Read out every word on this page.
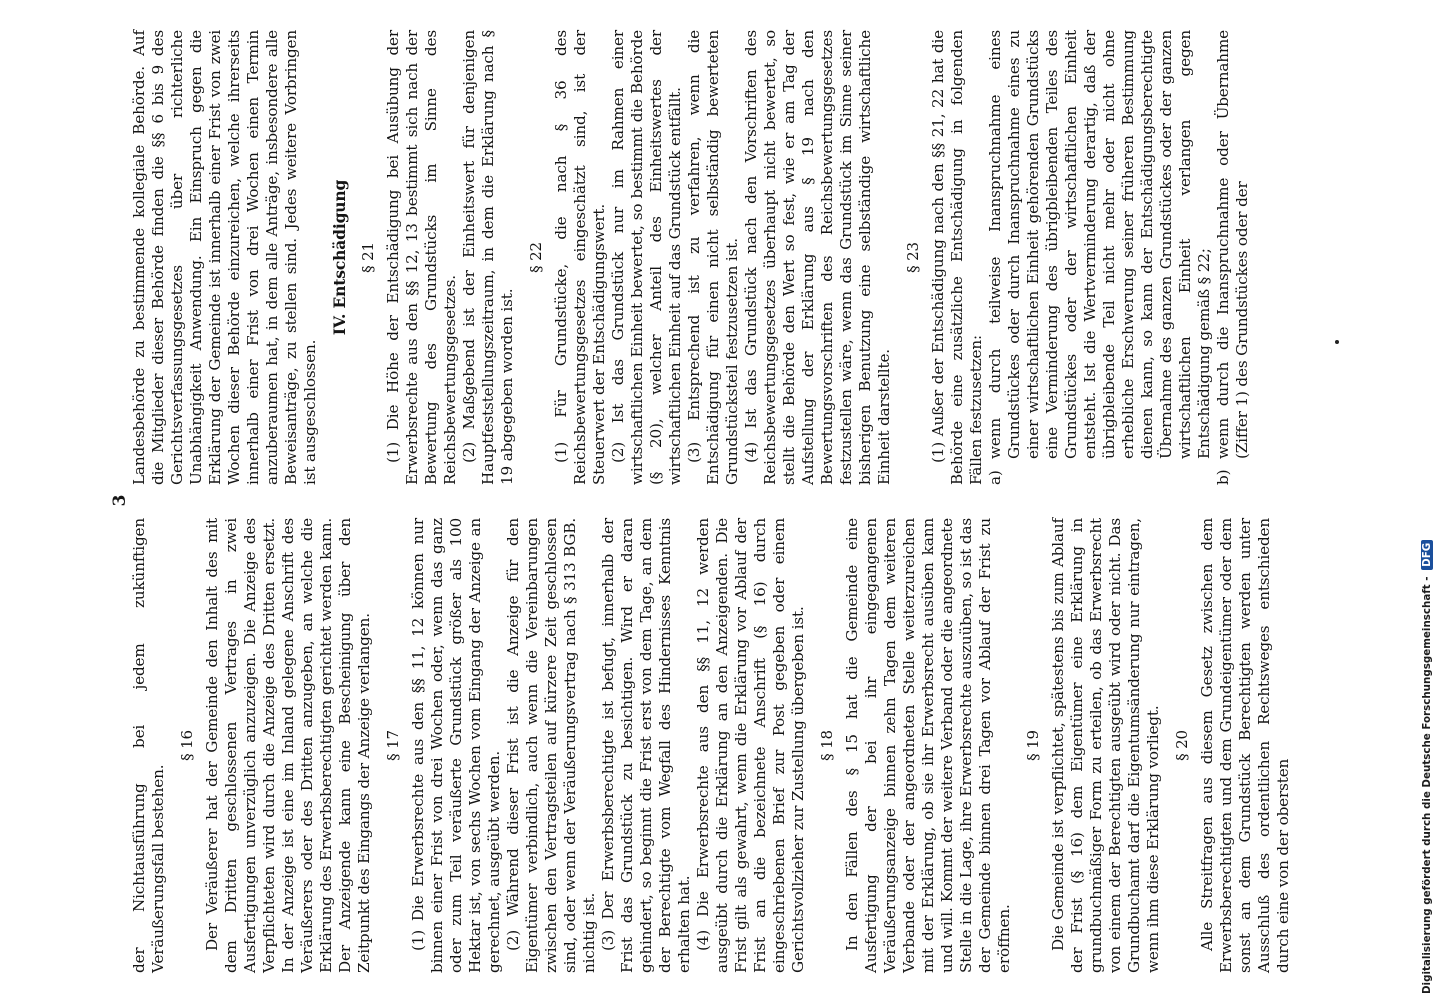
3

der Nichtausführung bei jedem zukünftigen Veräußerungsfall bestehen.

§ 16 Der Veräußerer hat der Gemeinde den Inhalt des mit dem Dritten geschlossenen Vertrages in zwei Ausfertigungen unverzüglich anzuzeigen. Die Anzeige des Verpflichteten wird durch die Anzeige des Dritten ersetzt. In der Anzeige ist eine im Inland gelegene Anschrift des Veräußerers oder des Dritten anzugeben, an welche die Erklärung des Erwerbsberechtigten gerichtet werden kann. Der Anzeigende kann eine Bescheinigung über den Zeitpunkt des Eingangs der Anzeige verlangen. § 17 (1) Die Erwerbsrechte aus den §§ 11, 12 können nur binnen einer Frist von drei Wochen oder, wenn das ganz oder zum Teil veräußerte Grundstück größer als 100 Hektar ist, von sechs Wochen vom Eingang der Anzeige an gerechnet, ausgeübt werden. (2) Während dieser Frist ist die Anzeige für den Eigentümer verbindlich, auch wenn die Vereinbarungen zwischen den Vertragsteilen auf kürzere Zeit geschlossen sind, oder wenn der Veräußerungsvertrag nach § 313 BGB. nichtig ist. (3) Der Erwerbsberechtigte ist befugt, innerhalb der Frist das Grundstück zu besichtigen. Wird er daran gehindert, so beginnt die Frist erst von dem Tage, an dem der Berechtigte vom Wegfall des Hindernisses Kenntnis erhalten hat. (4) Die Erwerbsrechte aus den §§ 11, 12 werden ausgeübt durch die Erklärung an den Anzeigenden. Die Frist gilt als gewahrt, wenn die Erklärung vor Ablauf der Frist an die bezeichnete Anschrift (§ 16) durch eingeschriebenen Brief zur Post gegeben oder einem Gerichtsvollzieher zur Zustellung übergeben ist. § 18 In den Fällen des § 15 hat die Gemeinde eine Ausfertigung der bei ihr eingegangenen Veräußerungsanzeige binnen zehn Tagen dem weiteren Verbande oder der angeordneten Stelle weiterzureichen mit der Erklärung, ob sie ihr Erwerbsrecht ausüben kann und will. Kommt der weitere Verband oder die angeordnete Stelle in die Lage, ihre Erwerbsrechte auszuüben, so ist das der Gemeinde binnen drei Tagen vor Ablauf der Frist zu eröffnen.

§ 19 Die Gemeinde ist verpflichtet, spätestens bis zum Ablauf der Frist (§ 16) dem Eigentümer eine Erklärung in grundbuchmäßiger Form zu erteilen, ob das Erwerbsrecht von einem der Berechtigten ausgeübt wird oder nicht. Das Grundbuchamt darf die Eigentumsänderung nur eintragen, wenn ihm diese Erklärung vorliegt. § 20 Alle Streitfragen aus diesem Gesetz zwischen dem Erwerbsberechtigten und dem Grundeigentümer oder dem sonst an dem Grundstück Berechtigten werden unter Ausschluß des ordentlichen Rechtsweges entschieden durch eine von der obersten

Landesbehörde zu bestimmende kollegiale Behörde. Auf die Mitglieder dieser Behörde finden die §§ 6 bis 9 des Gerichtsverfassungsgesetzes über richterliche Unabhängigkeit Anwendung. Ein Einspruch gegen die Erklärung der Gemeinde ist innerhalb einer Frist von zwei Wochen dieser Behörde einzureichen, welche ihrerseits innerhalb einer Frist von drei Wochen einen Termin anzuberaumen hat, in dem alle Anträge, insbesondere alle Beweisanträge, zu stellen sind. Jedes weitere Vorbringen ist ausgeschlossen.

IV. Entschädigung § 21 (1) Die Höhe der Entschädigung bei Ausübung der Erwerbsrechte aus den §§ 12, 13 bestimmt sich nach der Bewertung des Grundstücks im Sinne des Reichsbewertungsgesetzes. (2) Maßgebend ist der Einheitswert für denjenigen Hauptfeststellungszeitraum, in dem die Erklärung nach § 19 abgegeben worden ist.

§ 22 (1) Für Grundstücke, die nach § 36 des Reichsbewertungsgesetzes eingeschätzt sind, ist der Steuerwert der Entschädigungswert. (2) Ist das Grundstück nur im Rahmen einer wirtschaftlichen Einheit bewertet, so bestimmt die Behörde (§ 20), welcher Anteil des Einheitswertes der wirtschaftlichen Einheit auf das Grundstück entfällt. (3) Entsprechend ist zu verfahren, wenn die Entschädigung für einen nicht selbständig bewerteten Grundstücksteil festzusetzen ist. (4) Ist das Grundstück nach den Vorschriften des Reichsbewertungsgesetzes überhaupt nicht bewertet, so stellt die Behörde den Wert so fest, wie er am Tag der Aufstellung der Erklärung aus § 19 nach den Bewertungsvorschriften des Reichsbewertungsgesetzes festzustellen wäre, wenn das Grundstück im Sinne seiner bisherigen Benutzung eine selbständige wirtschaftliche Einheit darstellte.

§ 23 (1) Außer der Entschädigung nach den §§ 21, 22 hat die Behörde eine zusätzliche Entschädigung in folgenden Fällen festzusetzen: a)
wenn durch teilweise Inanspruchnahme eines Grundstückes oder durch Inanspruchnahme eines zu einer wirtschaftlichen Einheit gehörenden Grundstücks eine Verminderung des übrigbleibenden Teiles des Grundstückes oder der wirtschaftlichen Einheit entsteht. Ist die Wertverminderung derartig, daß der übrigbleibende Teil nicht mehr oder nicht ohne erhebliche Erschwerung seiner früheren Bestimmung dienen kann, so kann der Entschädigungsberechtigte Übernahme des ganzen Grundstückes oder der ganzen wirtschaftlichen Einheit verlangen gegen Entschädigung gemäß § 22;

b)
wenn durch die Inanspruchnahme oder Übernahme (Ziffer 1) des Grundstückes oder der

Digitalisierung gefördert durch die Deutsche Forschungsgemeinschaft - DFG
